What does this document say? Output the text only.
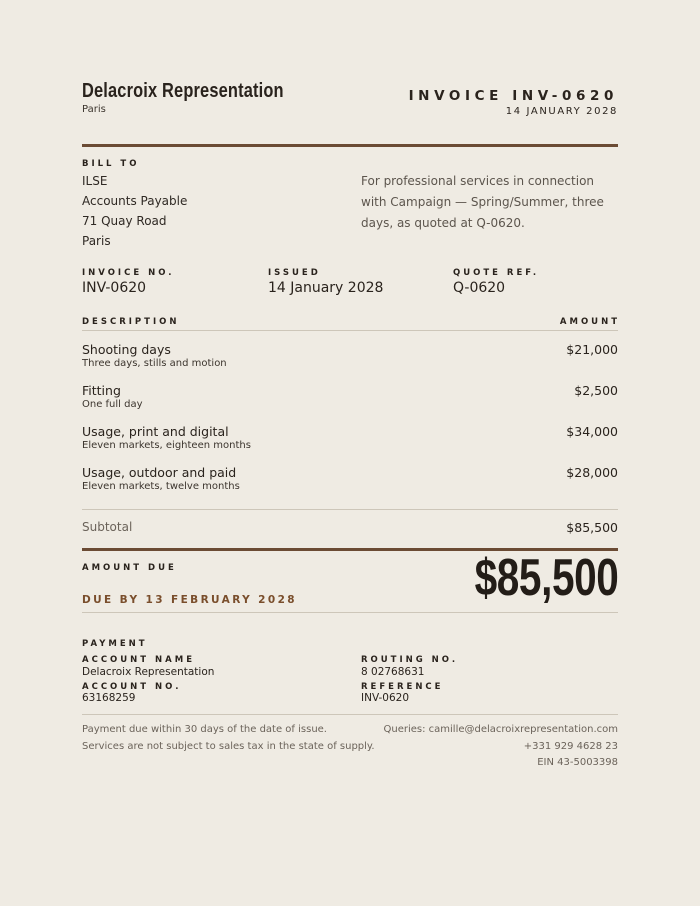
Delacroix Representation
Paris
INVOICE INV-0620
14 JANUARY 2028
BILL TO
ILSE
Accounts Payable
71 Quay Road
Paris
For professional services in connection with Campaign — Spring/Summer, three days, as quoted at Q-0620.
INVOICE NO.
INV-0620
ISSUED
14 January 2028
QUOTE REF.
Q-0620
DESCRIPTION	AMOUNT
Shooting days
Three days, stills and motion
$21,000
Fitting
One full day
$2,500
Usage, print and digital
Eleven markets, eighteen months
$34,000
Usage, outdoor and paid
Eleven markets, twelve months
$28,000
Subtotal	$85,500
AMOUNT DUE	$85,500
DUE BY 13 FEBRUARY 2028
PAYMENT
ACCOUNT NAME
Delacroix Representation
ACCOUNT NO.
63168259
ROUTING NO.
8 02768631
REFERENCE
INV-0620
Payment due within 30 days of the date of issue.
Services are not subject to sales tax in the state of supply.
Queries: camille@delacroixrepresentation.com
+331 929 4628 23
EIN 43-5003398
